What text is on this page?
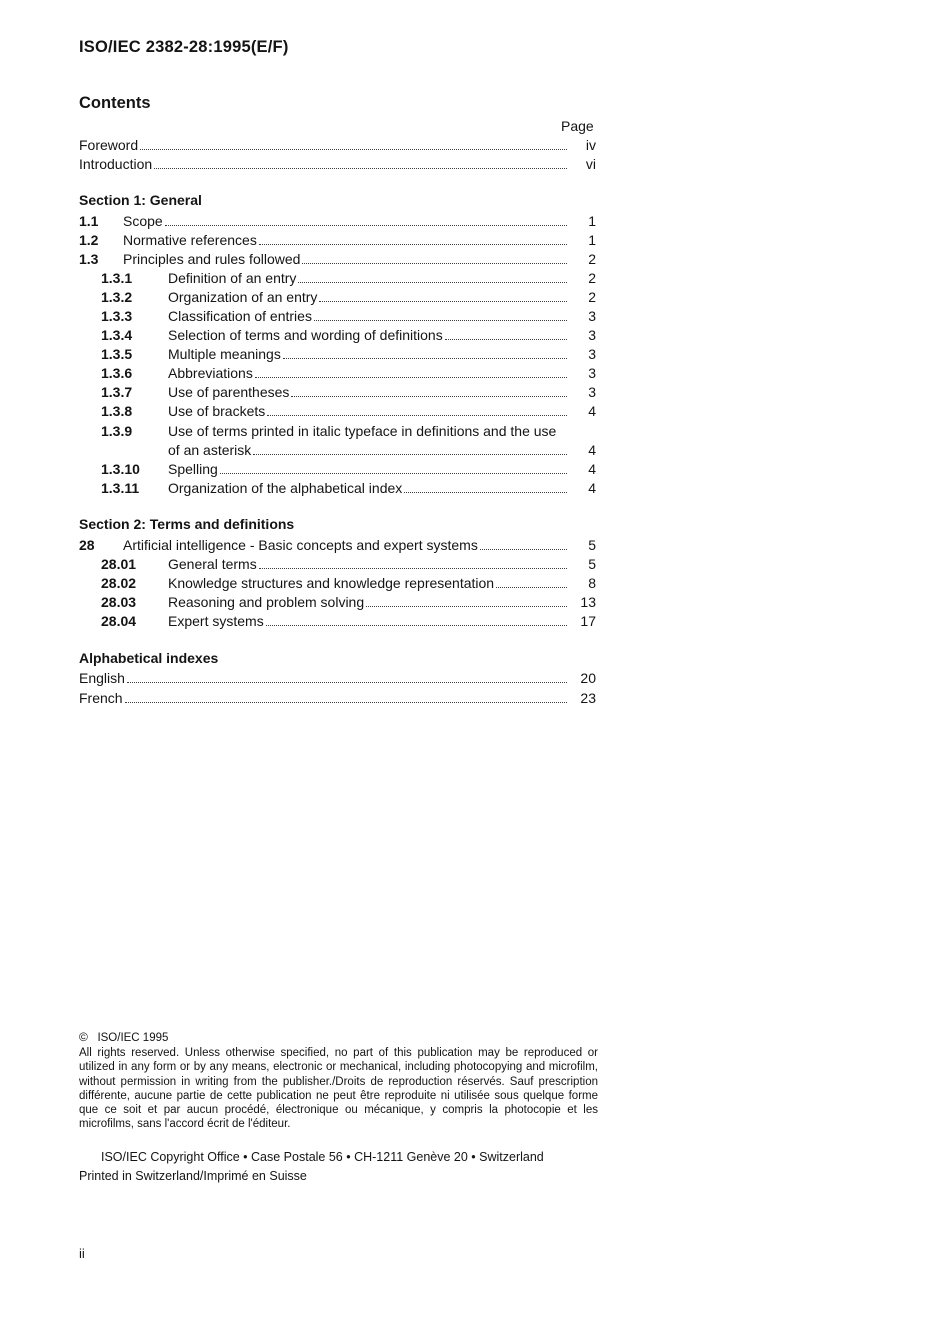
ISO/IEC 2382-28:1995(E/F)
Contents
Page
Foreword	iv
Introduction	vi
Section 1: General
1.1 Scope	1
1.2 Normative references	1
1.3 Principles and rules followed	2
1.3.1	Definition of an entry	2
1.3.2	Organization of an entry	2
1.3.3	Classification of entries	3
1.3.4	Selection of terms and wording of definitions	3
1.3.5	Multiple meanings	3
1.3.6	Abbreviations	3
1.3.7	Use of parentheses	3
1.3.8	Use of brackets	4
1.3.9	Use of terms printed in italic typeface in definitions and the use
of an asterisk	4
1.3.10 Spelling	4
1.3.11 Organization of the alphabetical index	4
Section 2: Terms and definitions
28 Artificial intelligence - Basic concepts and expert systems	5
28.01 General terms	5
28.02 Knowledge structures and knowledge representation	8
28.03 Reasoning and problem solving	13
28.04 Expert systems	17
Alphabetical indexes
English	20
French	23
© ISO/IEC 1995
All rights reserved. Unless otherwise specified, no part of this publication may be reproduced or utilized in any form or by any means, electronic or mechanical, including photocopying and microfilm, without permission in writing from the publisher./Droits de reproduction réservés. Sauf prescription différente, aucune partie de cette publication ne peut être reproduite ni utilisée sous quelque forme que ce soit et par aucun procédé, électronique ou mécanique, y compris la photocopie et les microfilms, sans l'accord écrit de l'éditeur.
ISO/IEC Copyright Office • Case Postale 56 • CH-1211 Genève 20 • Switzerland
Printed in Switzerland/Imprimé en Suisse
ii
